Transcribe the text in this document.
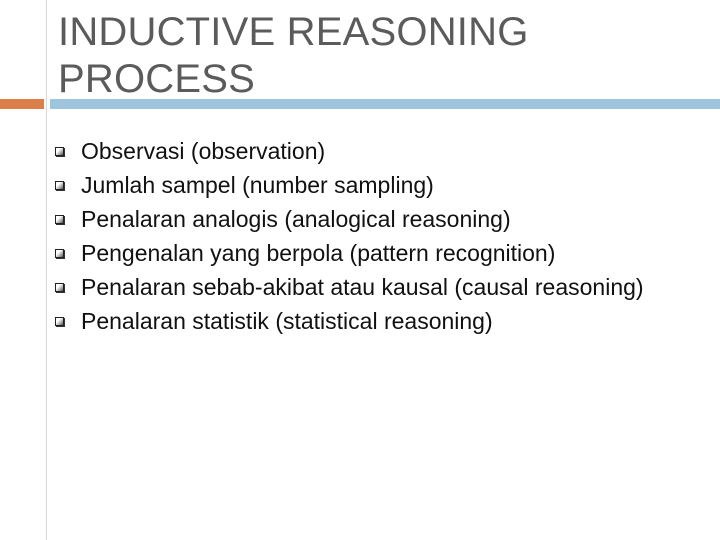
INDUCTIVE REASONING PROCESS
Observasi (observation)
Jumlah sampel (number sampling)
Penalaran analogis (analogical reasoning)
Pengenalan yang berpola (pattern recognition)
Penalaran sebab-akibat atau kausal (causal reasoning)
Penalaran statistik (statistical reasoning)
